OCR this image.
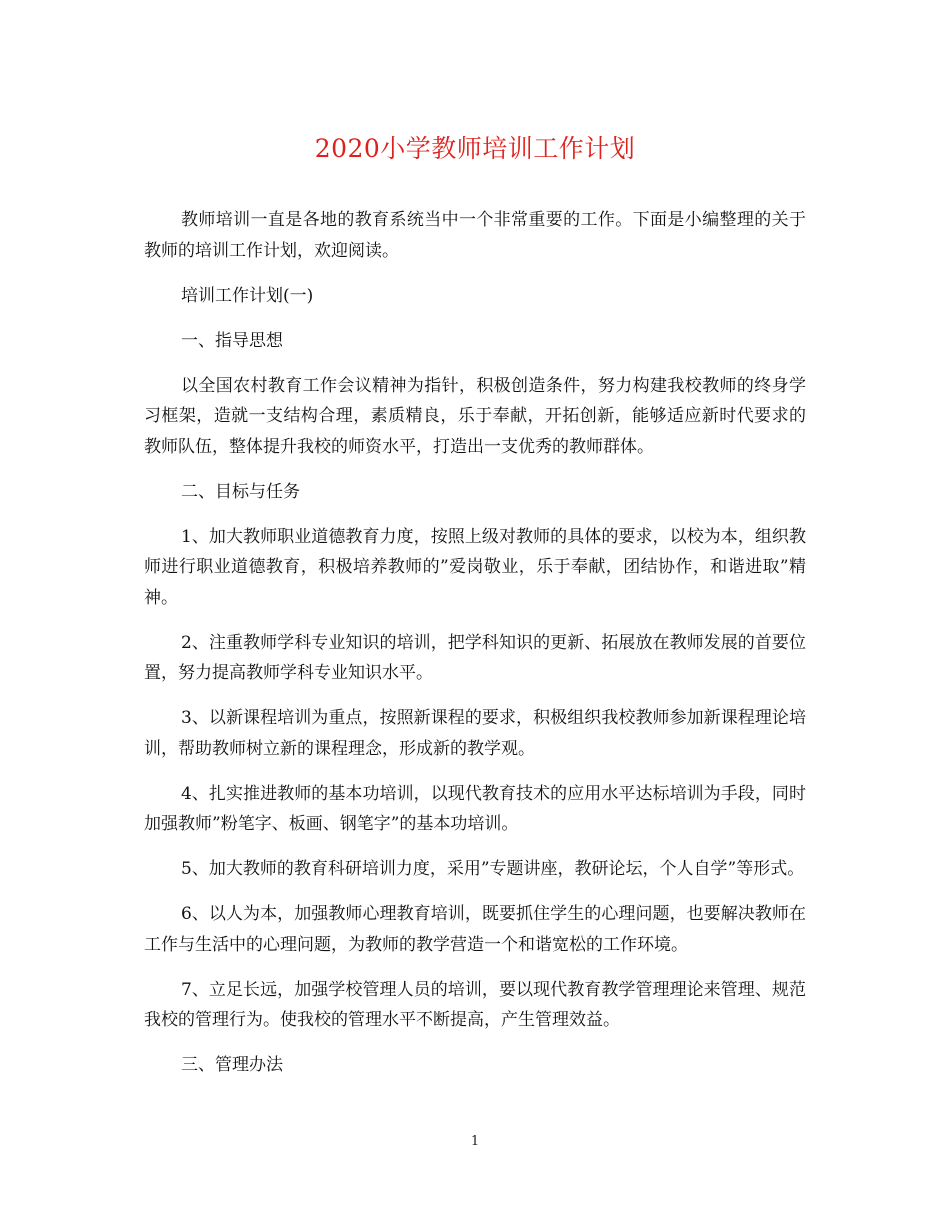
2020小学教师培训工作计划

教师培训一直是各地的教育系统当中一个非常重要的工作。下面是小编整理的关于教师的培训工作计划，欢迎阅读。

培训工作计划(一)

一、指导思想

以全国农村教育工作会议精神为指针，积极创造条件，努力构建我校教师的终身学习框架，造就一支结构合理，素质精良，乐于奉献，开拓创新，能够适应新时代要求的教师队伍，整体提升我校的师资水平，打造出一支优秀的教师群体。

二、目标与任务

1、加大教师职业道德教育力度，按照上级对教师的具体的要求，以校为本，组织教师进行职业道德教育，积极培养教师的”爱岗敬业，乐于奉献，团结协作，和谐进取”精神。

2、注重教师学科专业知识的培训，把学科知识的更新、拓展放在教师发展的首要位置，努力提高教师学科专业知识水平。

3、以新课程培训为重点，按照新课程的要求，积极组织我校教师参加新课程理论培训，帮助教师树立新的课程理念，形成新的教学观。

4、扎实推进教师的基本功培训，以现代教育技术的应用水平达标培训为手段，同时加强教师”粉笔字、板画、钢笔字”的基本功培训。

5、加大教师的教育科研培训力度，采用”专题讲座，教研论坛，个人自学”等形式。

6、以人为本，加强教师心理教育培训，既要抓住学生的心理问题，也要解决教师在工作与生活中的心理问题，为教师的教学营造一个和谐宽松的工作环境。

7、立足长远，加强学校管理人员的培训，要以现代教育教学管理理论来管理、规范我校的管理行为。使我校的管理水平不断提高，产生管理效益。

三、管理办法

1
